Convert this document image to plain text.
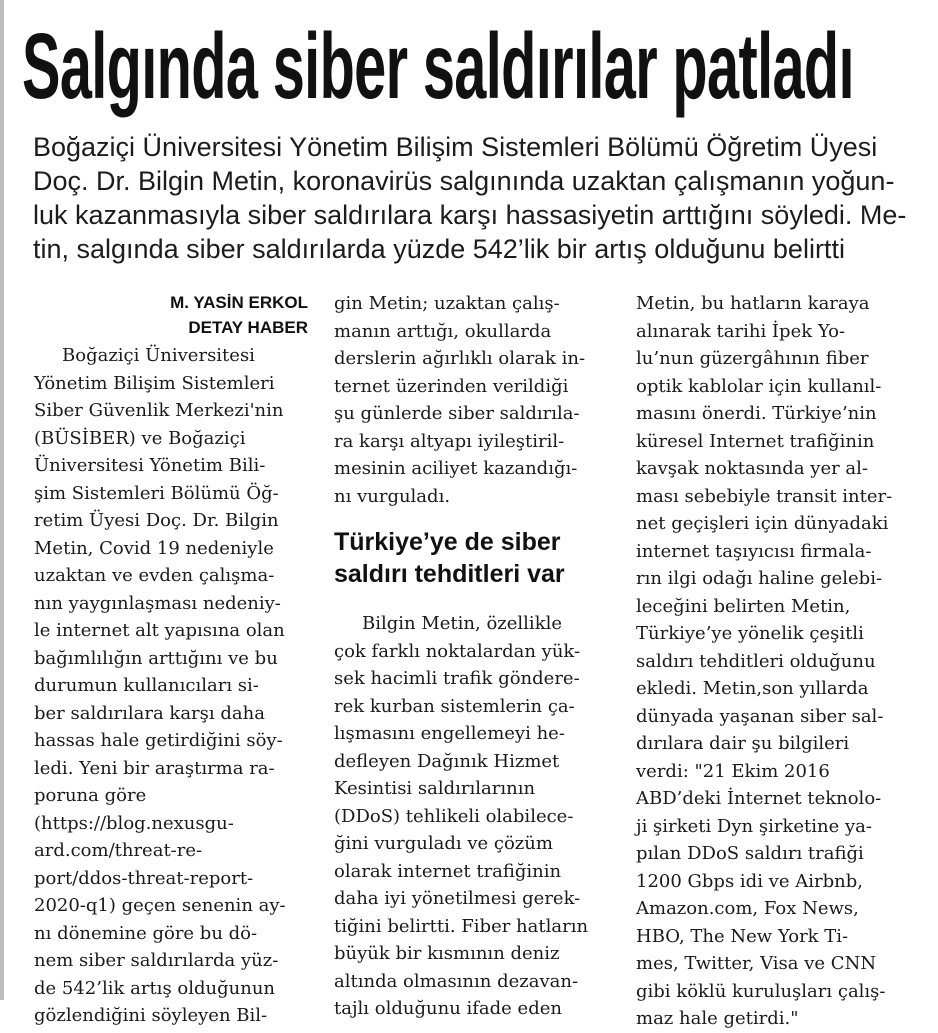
Salgında siber saldırılar patladı

Boğaziçi Üniversitesi Yönetim Bilişim Sistemleri Bölümü Öğretim Üyesi
Doç. Dr. Bilgin Metin, koronavirüs salgınında uzaktan çalışmanın yoğun-
luk kazanmasıyla siber saldırılara karşı hassasiyetin arttığını söyledi. Me-
tin, salgında siber saldırılarda yüzde 542’lik bir artış olduğunu belirtti

M. YASİN ERKOL
DETAY HABER
Boğaziçi Üniversitesi
Yönetim Bilişim Sistemleri
Siber Güvenlik Merkezi'nin
(BÜSİBER) ve Boğaziçi
Üniversitesi Yönetim Bili-
şim Sistemleri Bölümü Öğ-
retim Üyesi Doç. Dr. Bilgin
Metin, Covid 19 nedeniyle
uzaktan ve evden çalışma-
nın yaygınlaşması nedeniy-
le internet alt yapısına olan
bağımlılığın arttığını ve bu
durumun kullanıcıları si-
ber saldırılara karşı daha
hassas hale getirdiğini söy-
ledi. Yeni bir araştırma ra-
poruna göre
(https://blog.nexusgu-
ard.com/threat-re-
port/ddos-threat-report-
2020-q1) geçen senenin ay-
nı dönemine göre bu dö-
nem siber saldırılarda yüz-
de 542’lik artış olduğunun
gözlendiğini söyleyen Bil-
gin Metin; uzaktan çalış-
manın arttığı, okullarda
derslerin ağırlıklı olarak in-
ternet üzerinden verildiği
şu günlerde siber saldırıla-
ra karşı altyapı iyileştiril-
mesinin aciliyet kazandığı-
nı vurguladı.
Türkiye’ye de siber
saldırı tehditleri var
Bilgin Metin, özellikle
çok farklı noktalardan yük-
sek hacimli trafik göndere-
rek kurban sistemlerin ça-
lışmasını engellemeyi he-
defleyen Dağınık Hizmet
Kesintisi saldırılarının
(DDoS) tehlikeli olabilece-
ğini vurguladı ve çözüm
olarak internet trafiğinin
daha iyi yönetilmesi gerek-
tiğini belirtti. Fiber hatların
büyük bir kısmının deniz
altında olmasının dezavan-
tajlı olduğunu ifade eden
Metin, bu hatların karaya
alınarak tarihi İpek Yo-
lu’nun güzergâhının fiber
optik kablolar için kullanıl-
masını önerdi. Türkiye’nin
küresel Internet trafiğinin
kavşak noktasında yer al-
ması sebebiyle transit inter-
net geçişleri için dünyadaki
internet taşıyıcısı firmala-
rın ilgi odağı haline gelebi-
leceğini belirten Metin,
Türkiye’ye yönelik çeşitli
saldırı tehditleri olduğunu
ekledi. Metin,son yıllarda
dünyada yaşanan siber sal-
dırılara dair şu bilgileri
verdi: "21 Ekim 2016
ABD’deki İnternet teknolo-
ji şirketi Dyn şirketine ya-
pılan DDoS saldırı trafiği
1200 Gbps idi ve Airbnb,
Amazon.com, Fox News,
HBO, The New York Ti-
mes, Twitter, Visa ve CNN
gibi köklü kuruluşları çalış-
maz hale getirdi."
